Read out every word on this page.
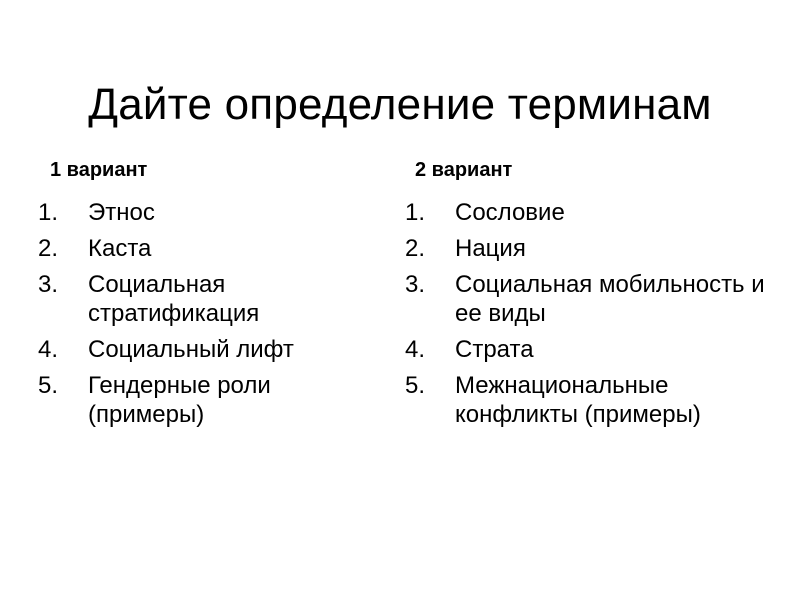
Дайте определение терминам
1 вариант
1.	Этнос
2.	Каста
3.	Социальная стратификация
4.	Социальный лифт
5.	Гендерные роли (примеры)
2 вариант
1.	Сословие
2.	Нация
3.	Социальная мобильность и ее виды
4.	Страта
5.	Межнациональные конфликты (примеры)
